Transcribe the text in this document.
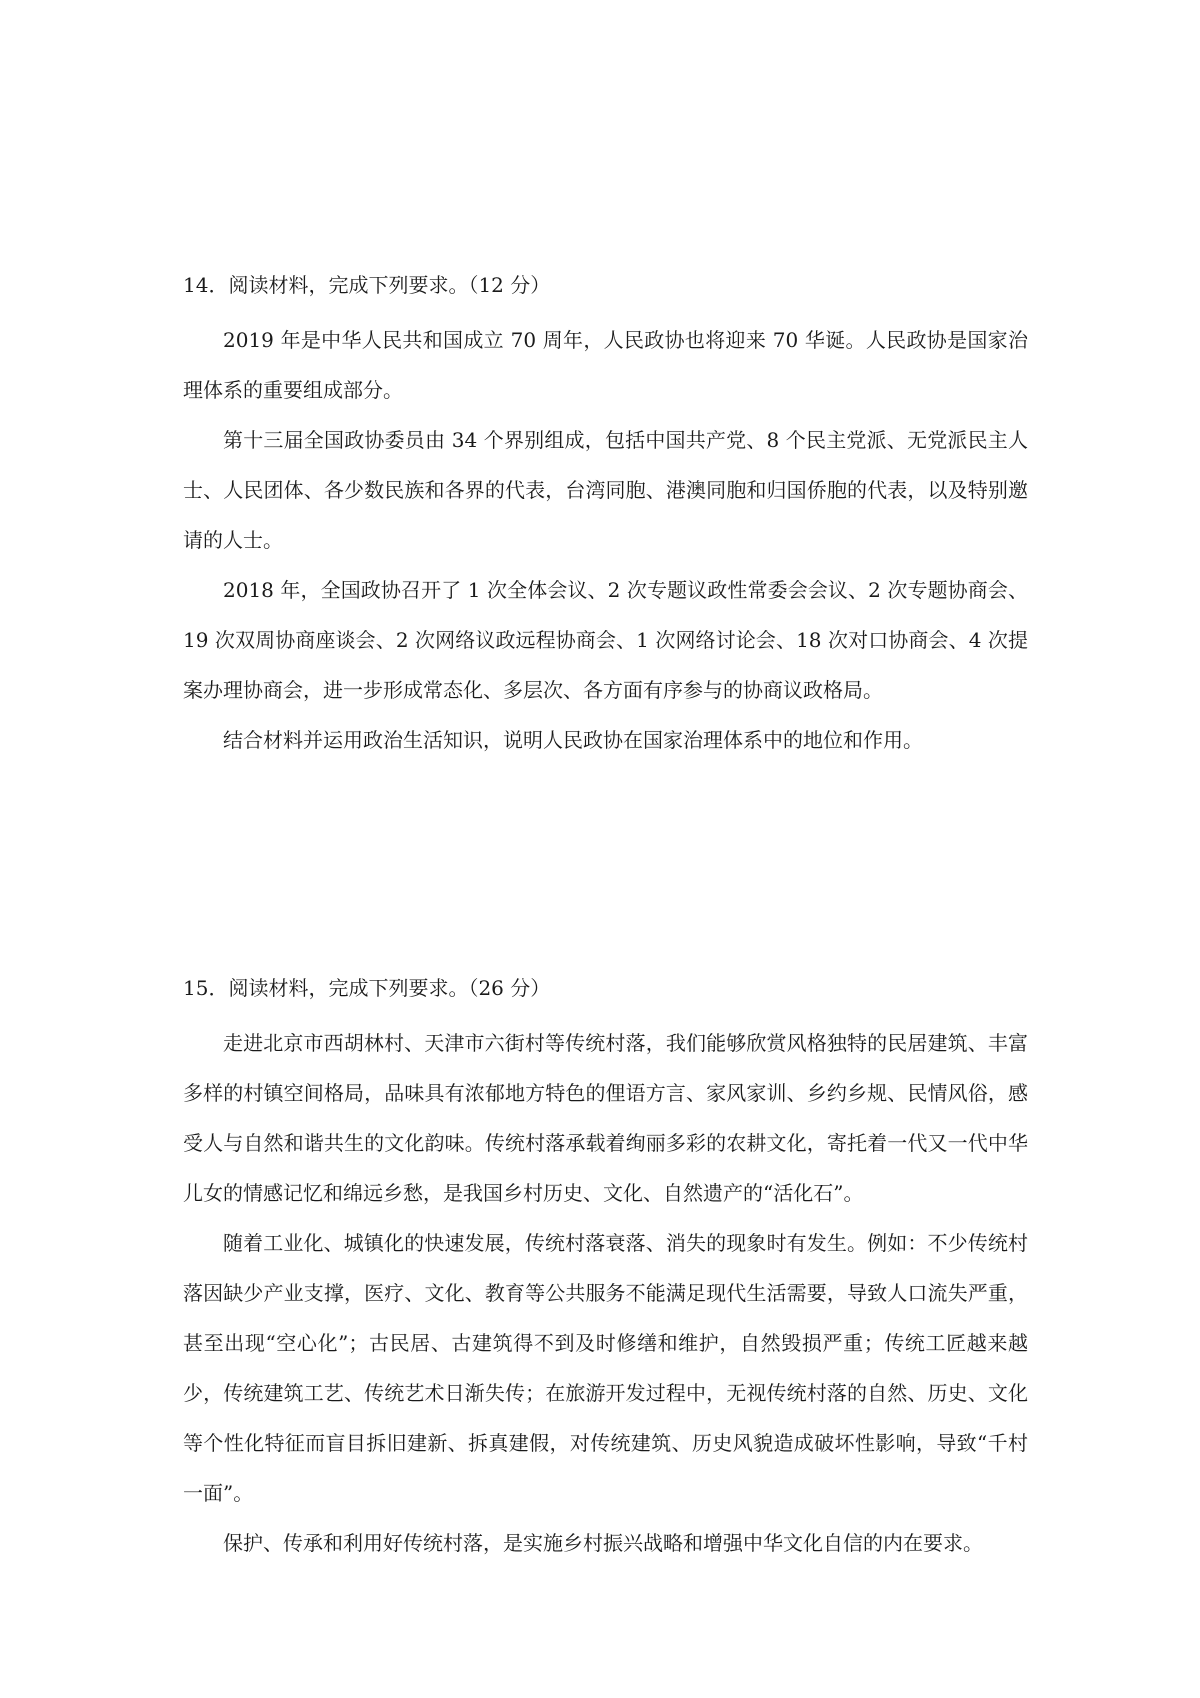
14．阅读材料，完成下列要求。（12 分）

2019 年是中华人民共和国成立 70 周年，人民政协也将迎来 70 华诞。人民政协是国家治理体系的重要组成部分。

第十三届全国政协委员由 34 个界别组成，包括中国共产党、8 个民主党派、无党派民主人士、人民团体、各少数民族和各界的代表，台湾同胞、港澳同胞和归国侨胞的代表，以及特别邀请的人士。

2018 年，全国政协召开了 1 次全体会议、2 次专题议政性常委会会议、2 次专题协商会、19 次双周协商座谈会、2 次网络议政远程协商会、1 次网络讨论会、18 次对口协商会、4 次提案办理协商会，进一步形成常态化、多层次、各方面有序参与的协商议政格局。

结合材料并运用政治生活知识，说明人民政协在国家治理体系中的地位和作用。

15．阅读材料，完成下列要求。（26 分）

走进北京市西胡林村、天津市六街村等传统村落，我们能够欣赏风格独特的民居建筑、丰富多样的村镇空间格局，品味具有浓郁地方特色的俚语方言、家风家训、乡约乡规、民情风俗，感受人与自然和谐共生的文化韵味。传统村落承载着绚丽多彩的农耕文化，寄托着一代又一代中华儿女的情感记忆和绵远乡愁，是我国乡村历史、文化、自然遗产的“活化石”。

随着工业化、城镇化的快速发展，传统村落衰落、消失的现象时有发生。例如：不少传统村落因缺少产业支撑，医疗、文化、教育等公共服务不能满足现代生活需要，导致人口流失严重，甚至出现“空心化”；古民居、古建筑得不到及时修缮和维护，自然毁损严重；传统工匠越来越少，传统建筑工艺、传统艺术日渐失传；在旅游开发过程中，无视传统村落的自然、历史、文化等个性化特征而盲目拆旧建新、拆真建假，对传统建筑、历史风貌造成破坏性影响，导致“千村一面”。

保护、传承和利用好传统村落，是实施乡村振兴战略和增强中华文化自信的内在要求。
